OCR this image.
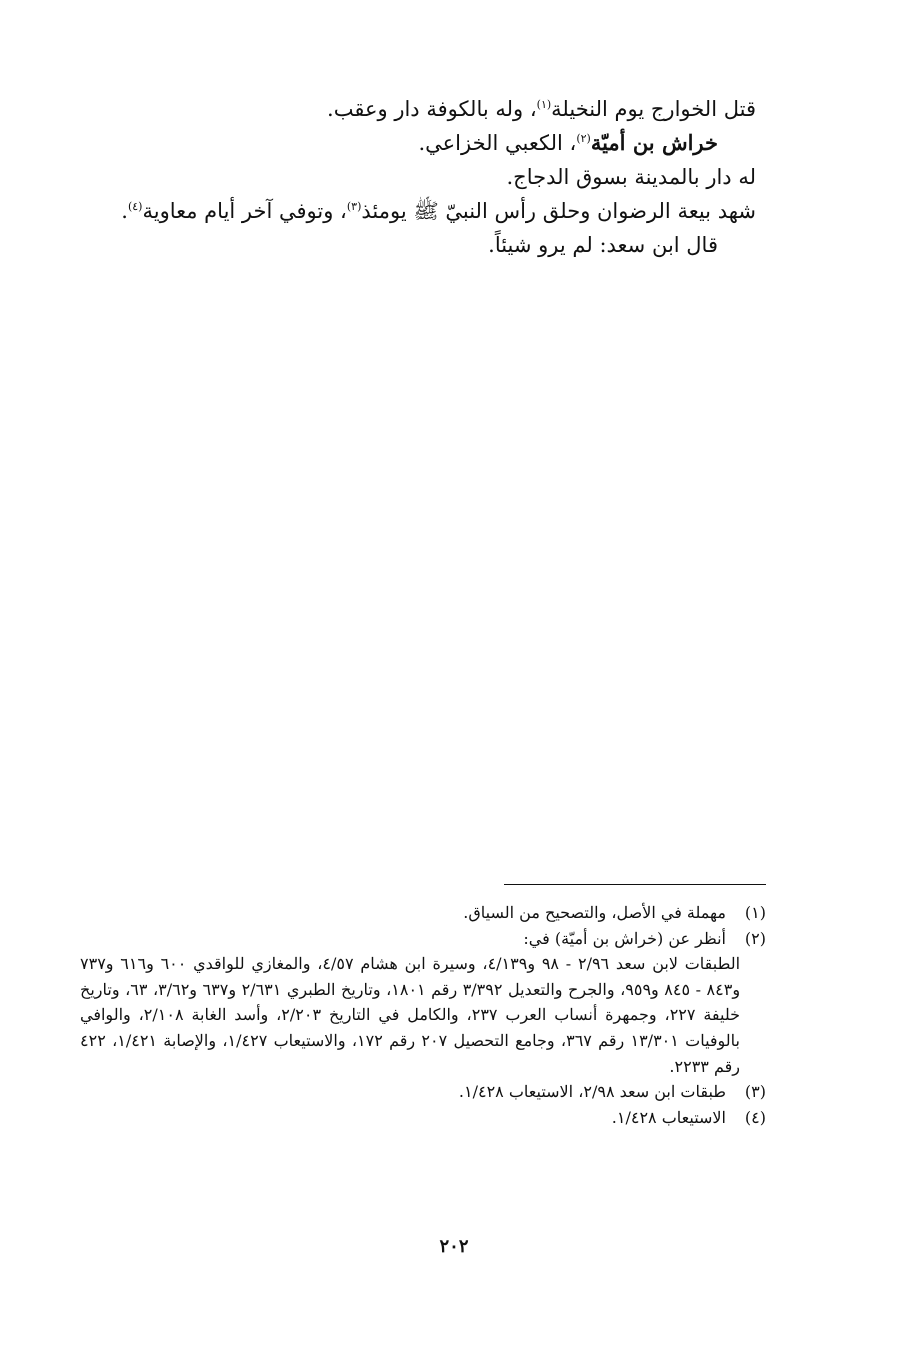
قتل الخوارج يوم النخيلة$^{(١)}$، وله بالكوفة دار وعقب.

خراش بن أميّة$^{(٢)}$، الكعبي الخزاعي.

له دار بالمدينة بسوق الدجاج.

شهد بيعة الرضوان وحلق رأس النبيّ ﷺ يومئذ$^{(٣)}$، وتوفي آخر أيام معاوية$^{(٤)}$.

قال ابن سعد: لم يرو شيئاً.

(١)
مهملة في الأصل، والتصحيح من السياق.
(٢)
أنظر عن (خراش بن أميّة) في:
الطبقات لابن سعد ٢/٩٦ - ٩٨ و٤/١٣٩، وسيرة ابن هشام ٤/٥٧، والمغازي للواقدي ٦٠٠ و٦١٦ و٧٣٧ و٨٤٣ - ٨٤٥ و٩٥٩، والجرح والتعديل ٣/٣٩٢ رقم ١٨٠١، وتاريخ الطبري ٢/٦٣١ و٦٣٧ و٣/٦٢، ٦٣، وتاريخ خليفة ٢٢٧، وجمهرة أنساب العرب ٢٣٧، والكامل في التاريخ ٢/٢٠٣، وأسد الغابة ٢/١٠٨، والوافي بالوفيات ١٣/٣٠١ رقم ٣٦٧، وجامع التحصيل ٢٠٧ رقم ١٧٢، والاستيعاب ١/٤٢٧، والإصابة ١/٤٢١، ٤٢٢ رقم ٢٢٣٣.
(٣)
طبقات ابن سعد ٢/٩٨، الاستيعاب ١/٤٢٨.
(٤)
الاستيعاب ١/٤٢٨.
٢٠٢
